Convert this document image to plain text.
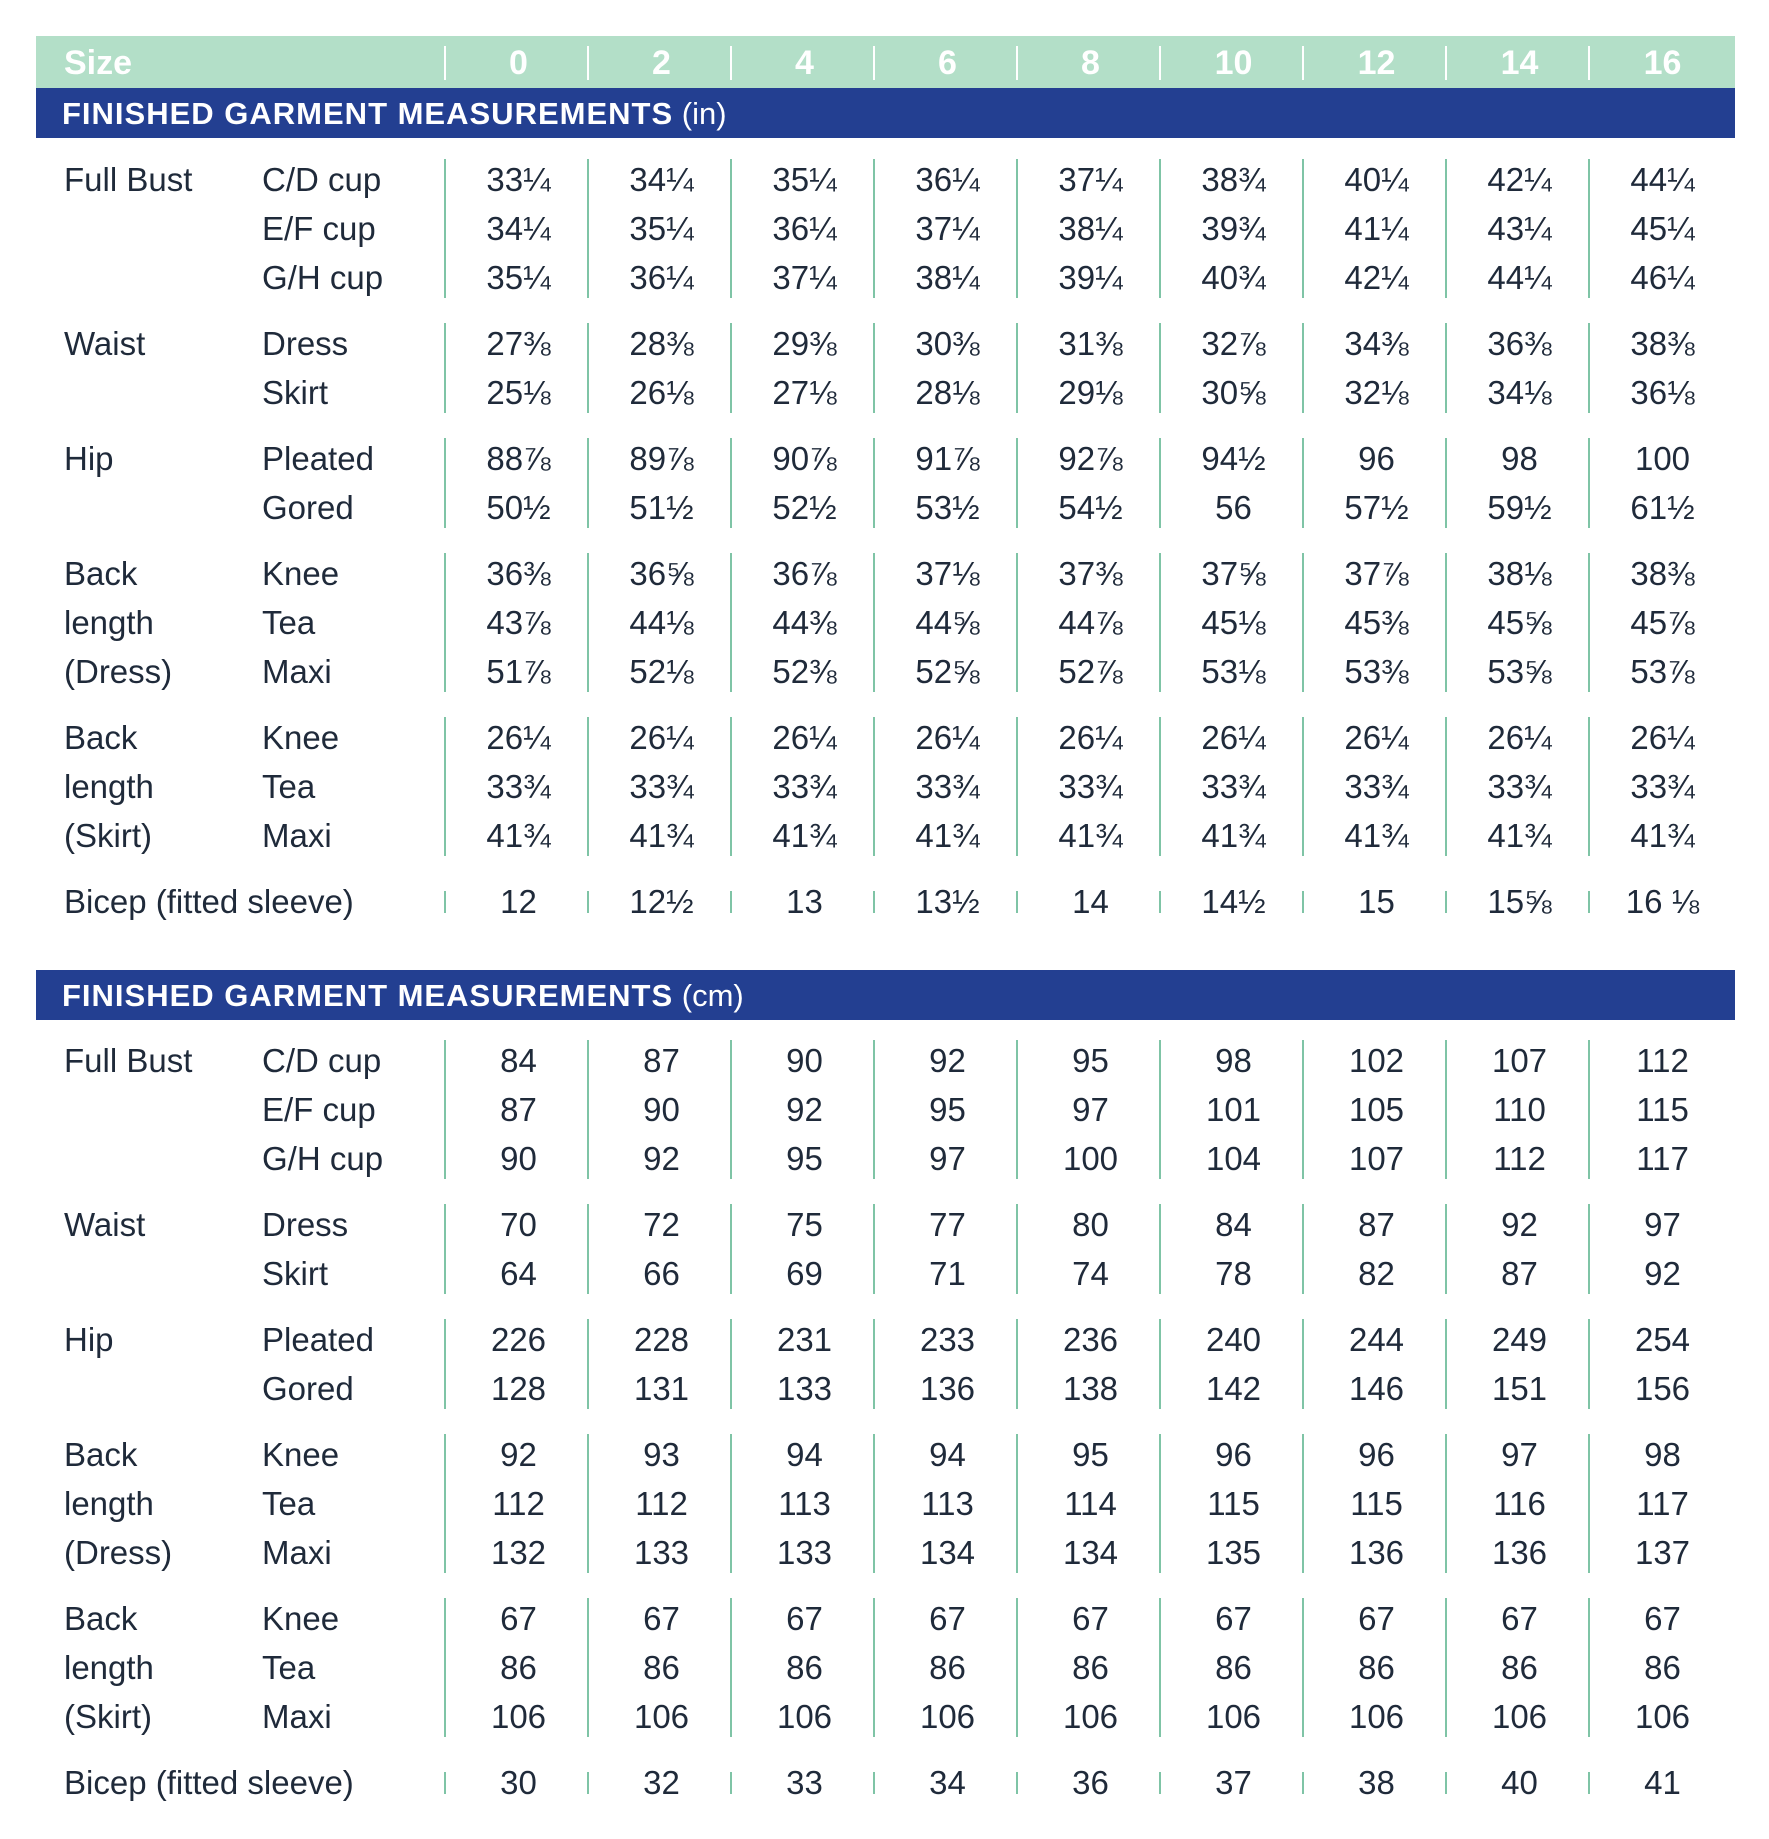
Size	0	2	4	6	8	10	12	14	16
FINISHED GARMENT MEASUREMENTS (in)
Full Bust C/D cup	33¼	34¼	35¼	36¼	37¼	38¾	40¼	42¼	44¼
E/F cup	34¼	35¼	36¼	37¼	38¼	39¾	41¼	43¼	45¼
G/H cup	35¼	36¼	37¼	38¼	39¼	40¾	42¼	44¼	46¼
Waist	Dress	27⅜	28⅜	29⅜	30⅜	31⅜	32⅞	34⅜	36⅜	38⅜
Skirt	25⅛	26⅛	27⅛	28⅛	29⅛	30⅝	32⅛	34⅛	36⅛
Hip	Pleated	88⅞	89⅞	90⅞	91⅞	92⅞	94½	96	98	100
Gored	50½	51½	52½	53½	54½	56	57½	59½	61½
Back
length
(Dress)
Knee	36⅜	36⅝	36⅞	37⅛	37⅜	37⅝	37⅞	38⅛	38⅜
Tea	43⅞	44⅛	44⅜	44⅝	44⅞	45⅛	45⅜	45⅝	45⅞
Maxi	51⅞	52⅛	52⅜	52⅝	52⅞	53⅛	53⅜	53⅝	53⅞
Back
length
(Skirt)
Knee	26¼	26¼	26¼	26¼	26¼	26¼	26¼	26¼	26¼
Tea	33¾	33¾	33¾	33¾	33¾	33¾	33¾	33¾	33¾
Maxi	41¾	41¾	41¾	41¾	41¾	41¾	41¾	41¾	41¾
Bicep (fitted sleeve)	12	12½	13	13½	14	14½	15	15⅝	16 ⅛
FINISHED GARMENT MEASUREMENTS (cm)
Full Bust C/D cup	84	87	90	92	95	98	102	107	112
E/F cup	87	90	92	95	97	101	105	110	115
G/H cup	90	92	95	97	100	104	107	112	117
Waist	Dress	70	72	75	77	80	84	87	92	97
Skirt	64	66	69	71	74	78	82	87	92
Hip	Pleated	226	228	231	233	236	240	244	249	254
Gored	128	131	133	136	138	142	146	151	156
Back
length
(Dress)
Knee	92	93	94	94	95	96	96	97	98
Tea	112	112	113	113	114	115	115	116	117
Maxi	132	133	133	134	134	135	136	136	137
Back
length
(Skirt)
Knee	67	67	67	67	67	67	67	67	67
Tea	86	86	86	86	86	86	86	86	86
Maxi	106	106	106	106	106	106	106	106	106
Bicep (fitted sleeve)	30	32	33	34	36	37	38	40	41
